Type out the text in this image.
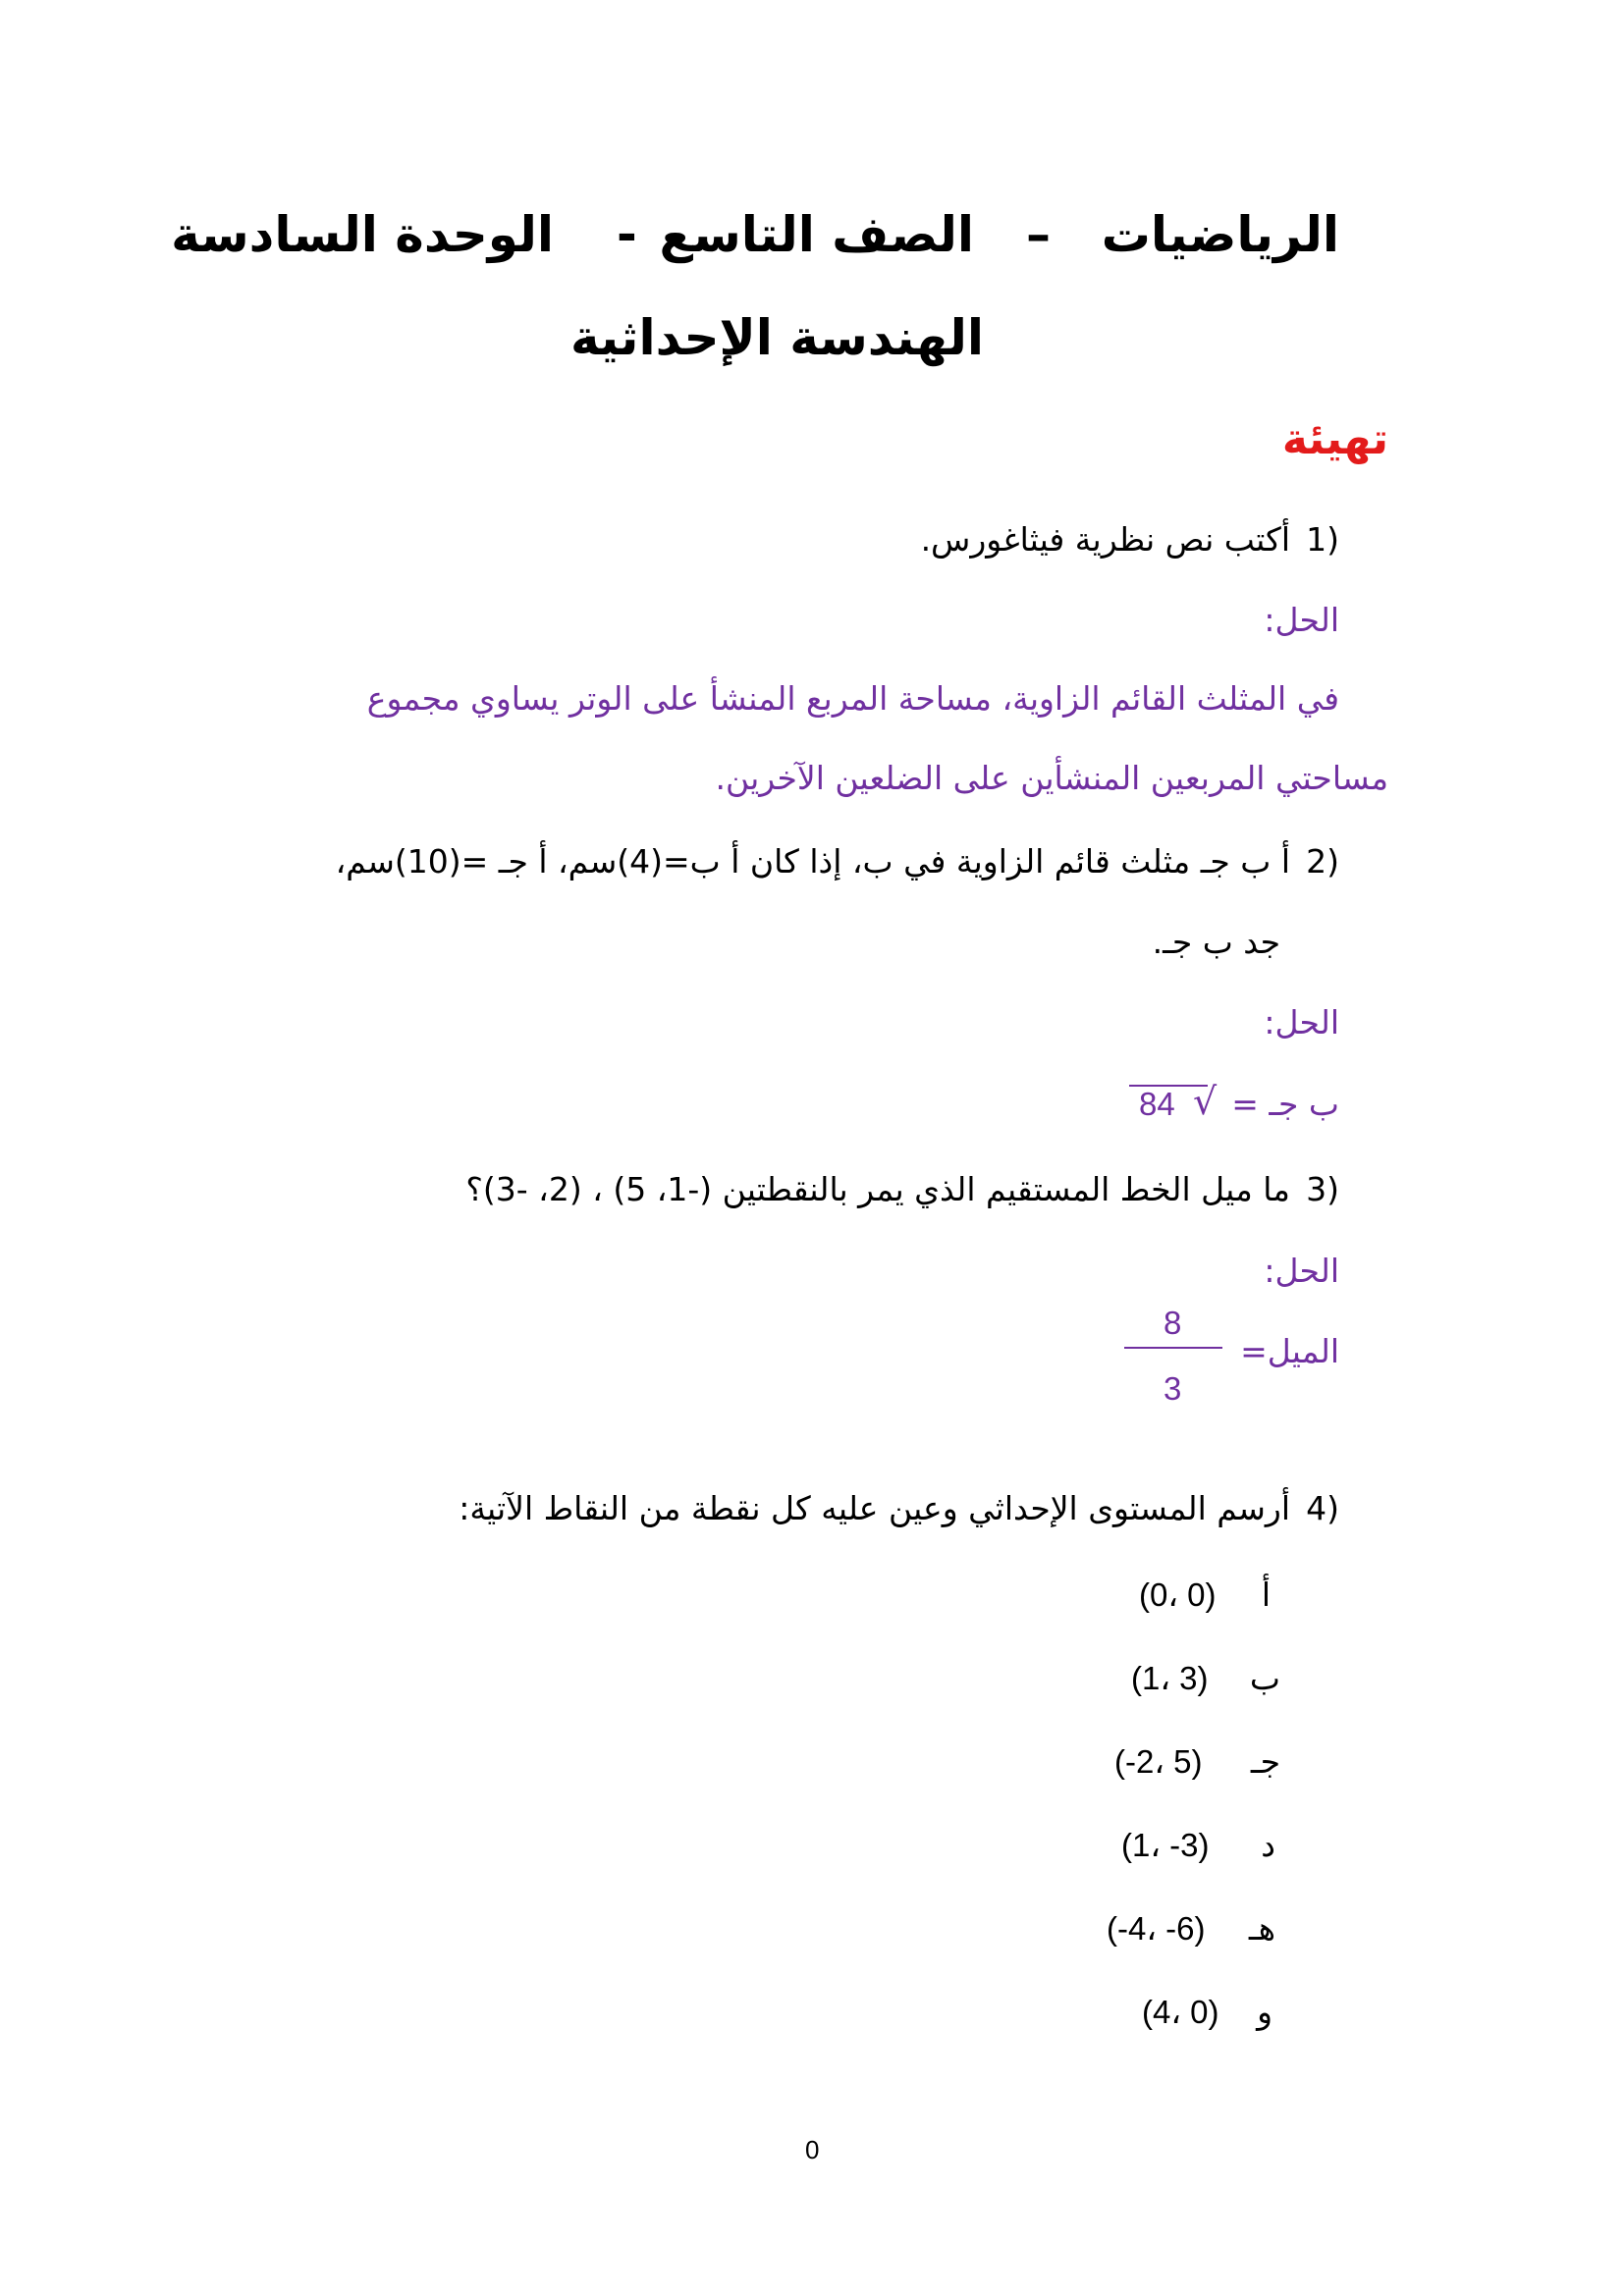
الرياضيات
–
الصف التاسع
-
الوحدة السادسة
الهندسة الإحداثية
تهيئة
1)
أكتب نص نظرية فيثاغورس.
الحل:
في المثلث القائم الزاوية، مساحة المربع المنشأ على الوتر يساوي مجموع
مساحتي المربعين المنشأين على الضلعين الآخرين.
2)
أ ب جـ مثلث قائم الزاوية في ب، إذا كان أ ب=(4)سم، أ جـ =(10)سم،
جد ب جـ.
الحل:
ب جـ =
√
84
3)
ما ميل الخط المستقيم الذي يمر بالنقطتين (-1، 5) ، (2، -3)؟
الحل:
الميل=
8
3
4)
أرسم المستوى الإحداثي وعين عليه كل نقطة من النقاط الآتية:
أ
(0، 0)
ب
(1، 3)
جـ
(-2، 5)
د
(1، -3)
هـ
(-4، -6)
و
(4، 0)
0
